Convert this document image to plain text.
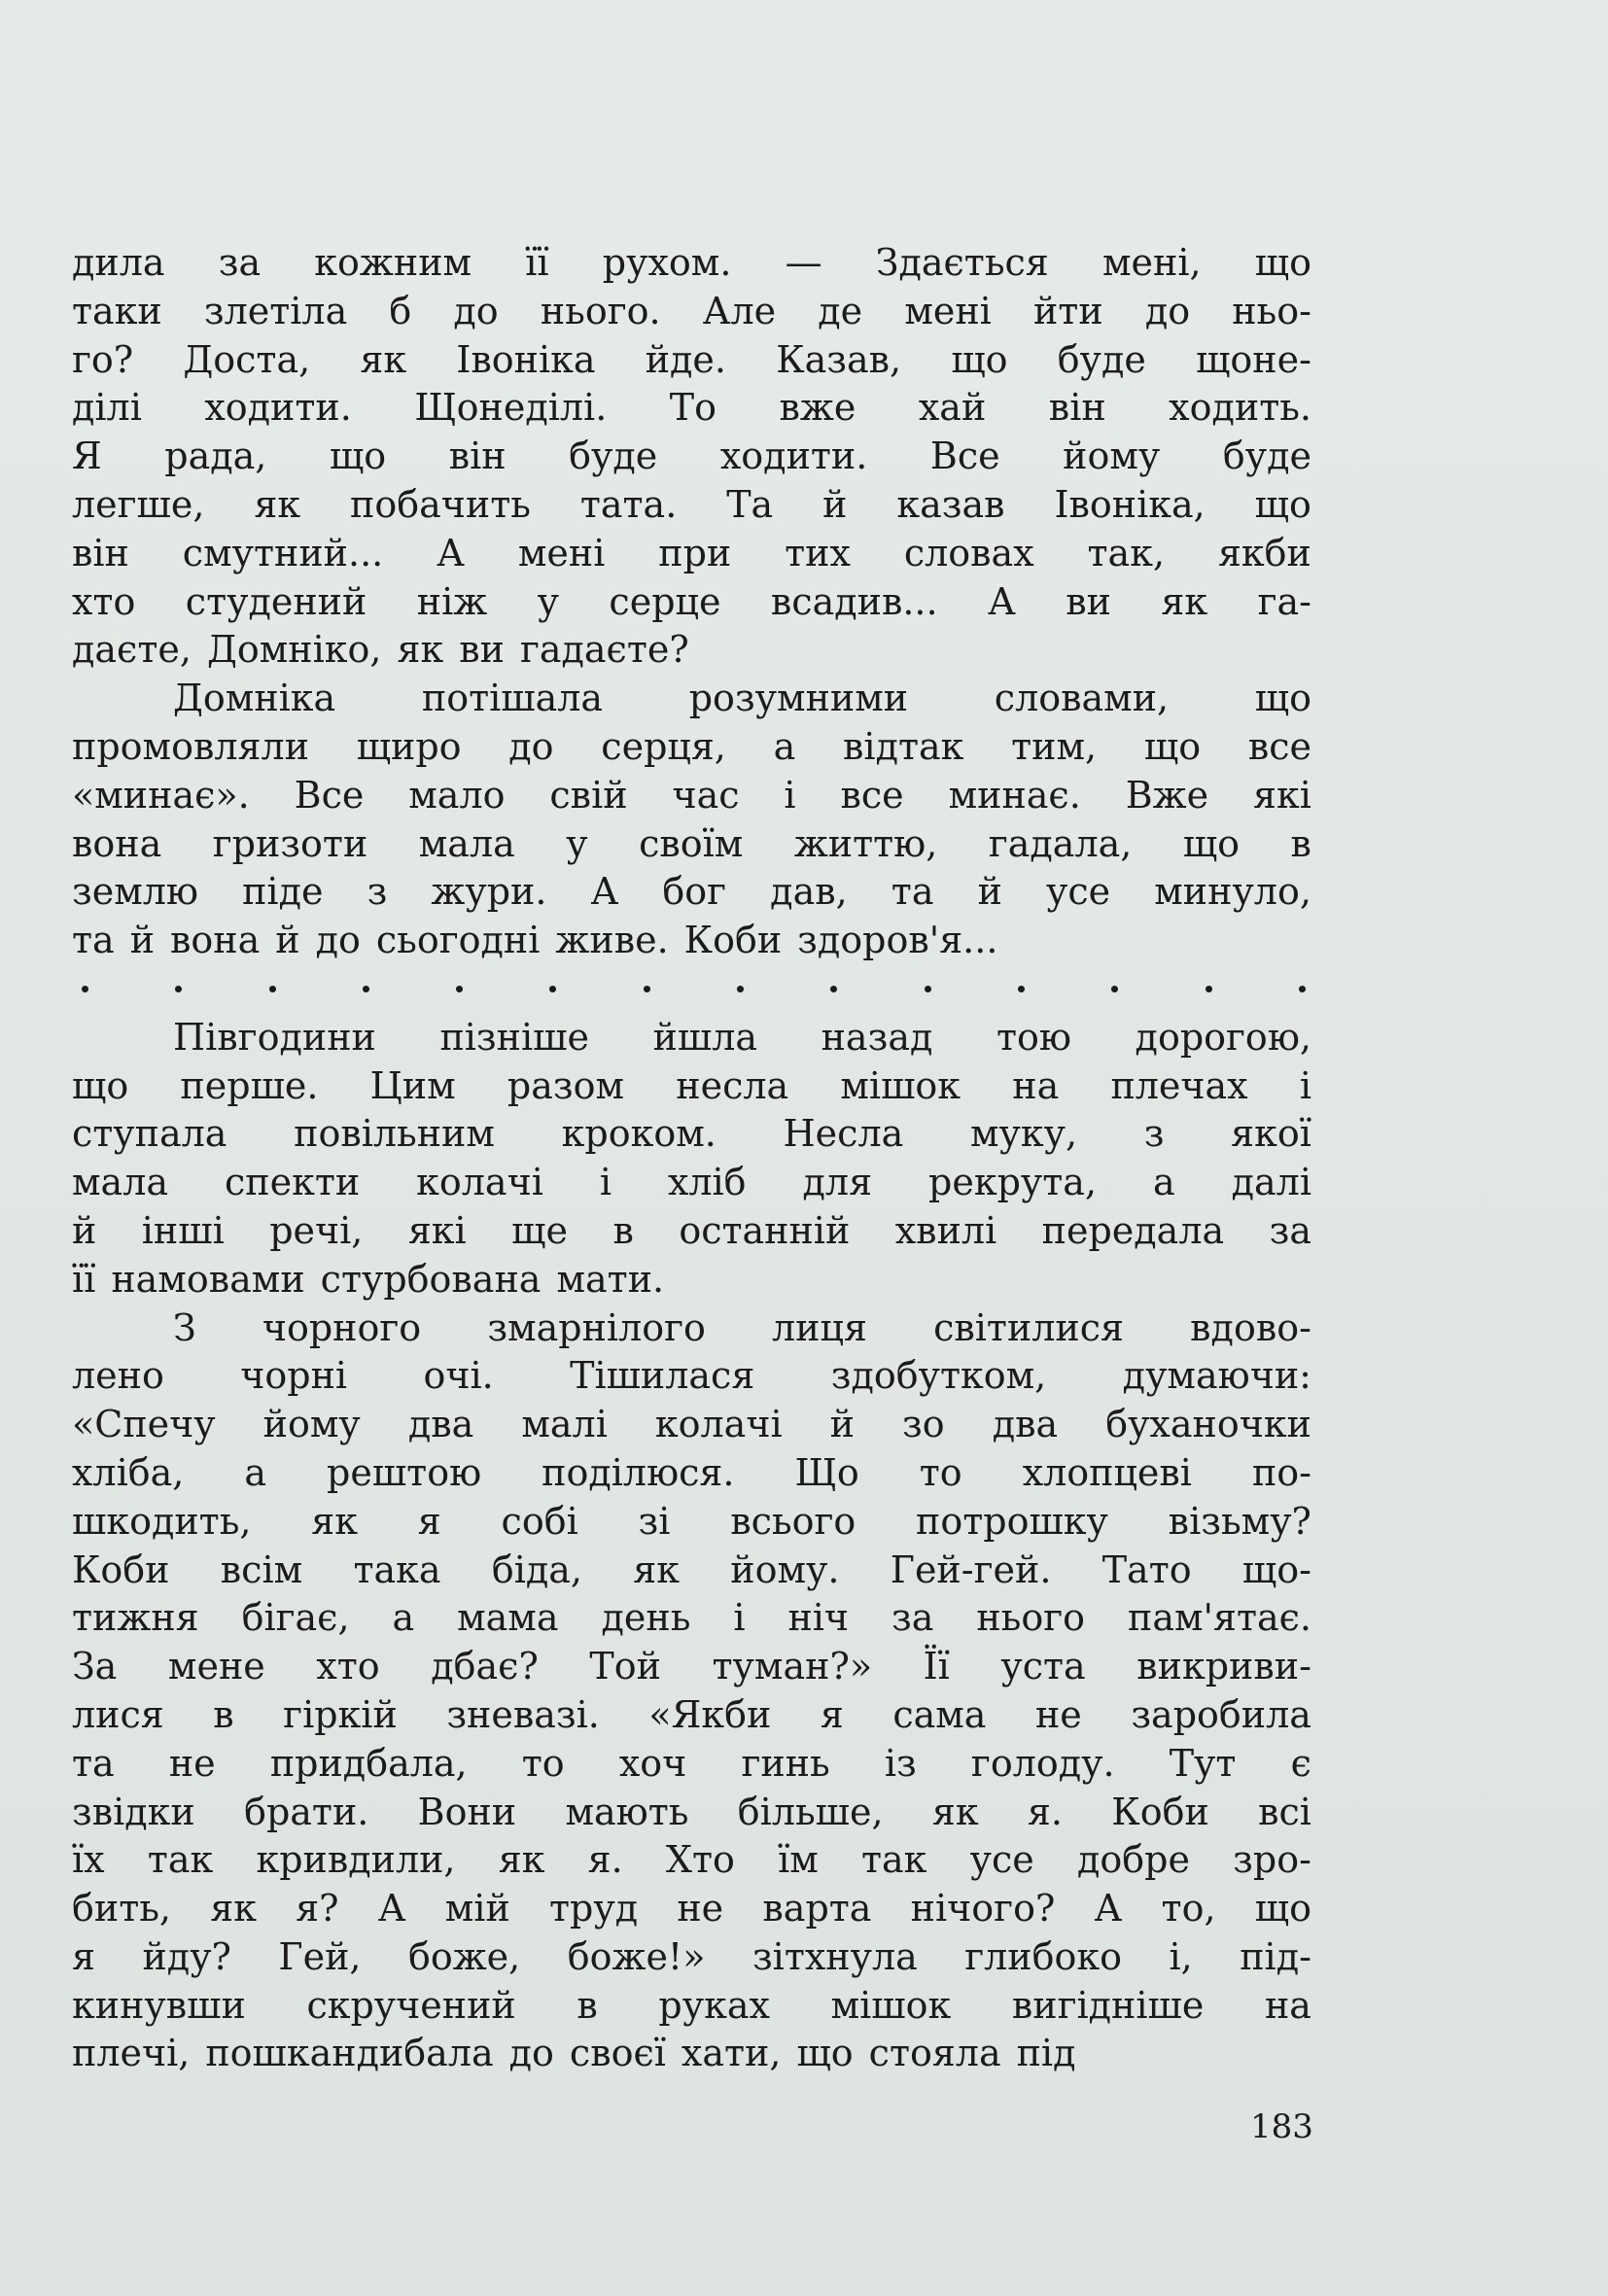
дила за кожним її рухом. — Здається мені, що
таки злетіла б до нього. Але де мені йти до ньо-
го? Доста, як Івоніка йде. Казав, що буде щоне-
ділі ходити. Щонеділі. То вже хай він ходить.
Я рада, що він буде ходити. Все йому буде
легше, як побачить тата. Та й казав Івоніка, що
він смутний... А мені при тих словах так, якби
хто студений ніж у серце всадив... А ви як га-
даєте, Домніко, як ви гадаєте?
Домніка потішала розумними словами, що
промовляли щиро до серця, а відтак тим, що все
«минає». Все мало свій час і все минає. Вже які
вона гризоти мала у своїм життю, гадала, що в
землю піде з жури. А бог дав, та й усе минуло,
та й вона й до сьогодні живе. Коби здоров'я...
Півгодини пізніше йшла назад тою дорогою,
що перше. Цим разом несла мішок на плечах і
ступала повільним кроком. Несла муку, з якої
мала спекти колачі і хліб для рекрута, а далі
й інші речі, які ще в останній хвилі передала за
її намовами стурбована мати.
З чорного змарнілого лиця світилися вдово-
лено чорні очі. Тішилася здобутком, думаючи:
«Спечу йому два малі колачі й зо два буханочки
хліба, а рештою поділюся. Що то хлопцеві по-
шкодить, як я собі зі всього потрошку візьму?
Коби всім така біда, як йому. Гей-гей. Тато що-
тижня бігає, а мама день і ніч за нього пам'ятає.
За мене хто дбає? Той туман?» Її уста викриви-
лися в гіркій зневазі. «Якби я сама не заробила
та не придбала, то хоч гинь із голоду. Тут є
звідки брати. Вони мають більше, як я. Коби всі
їх так кривдили, як я. Хто їм так усе добре зро-
бить, як я? А мій труд не варта нічого? А то, що
я йду? Гей, боже, боже!» зітхнула глибоко і, під-
кинувши скручений в руках мішок вигідніше на
плечі, пошкандибала до своєї хати, що стояла під
183
